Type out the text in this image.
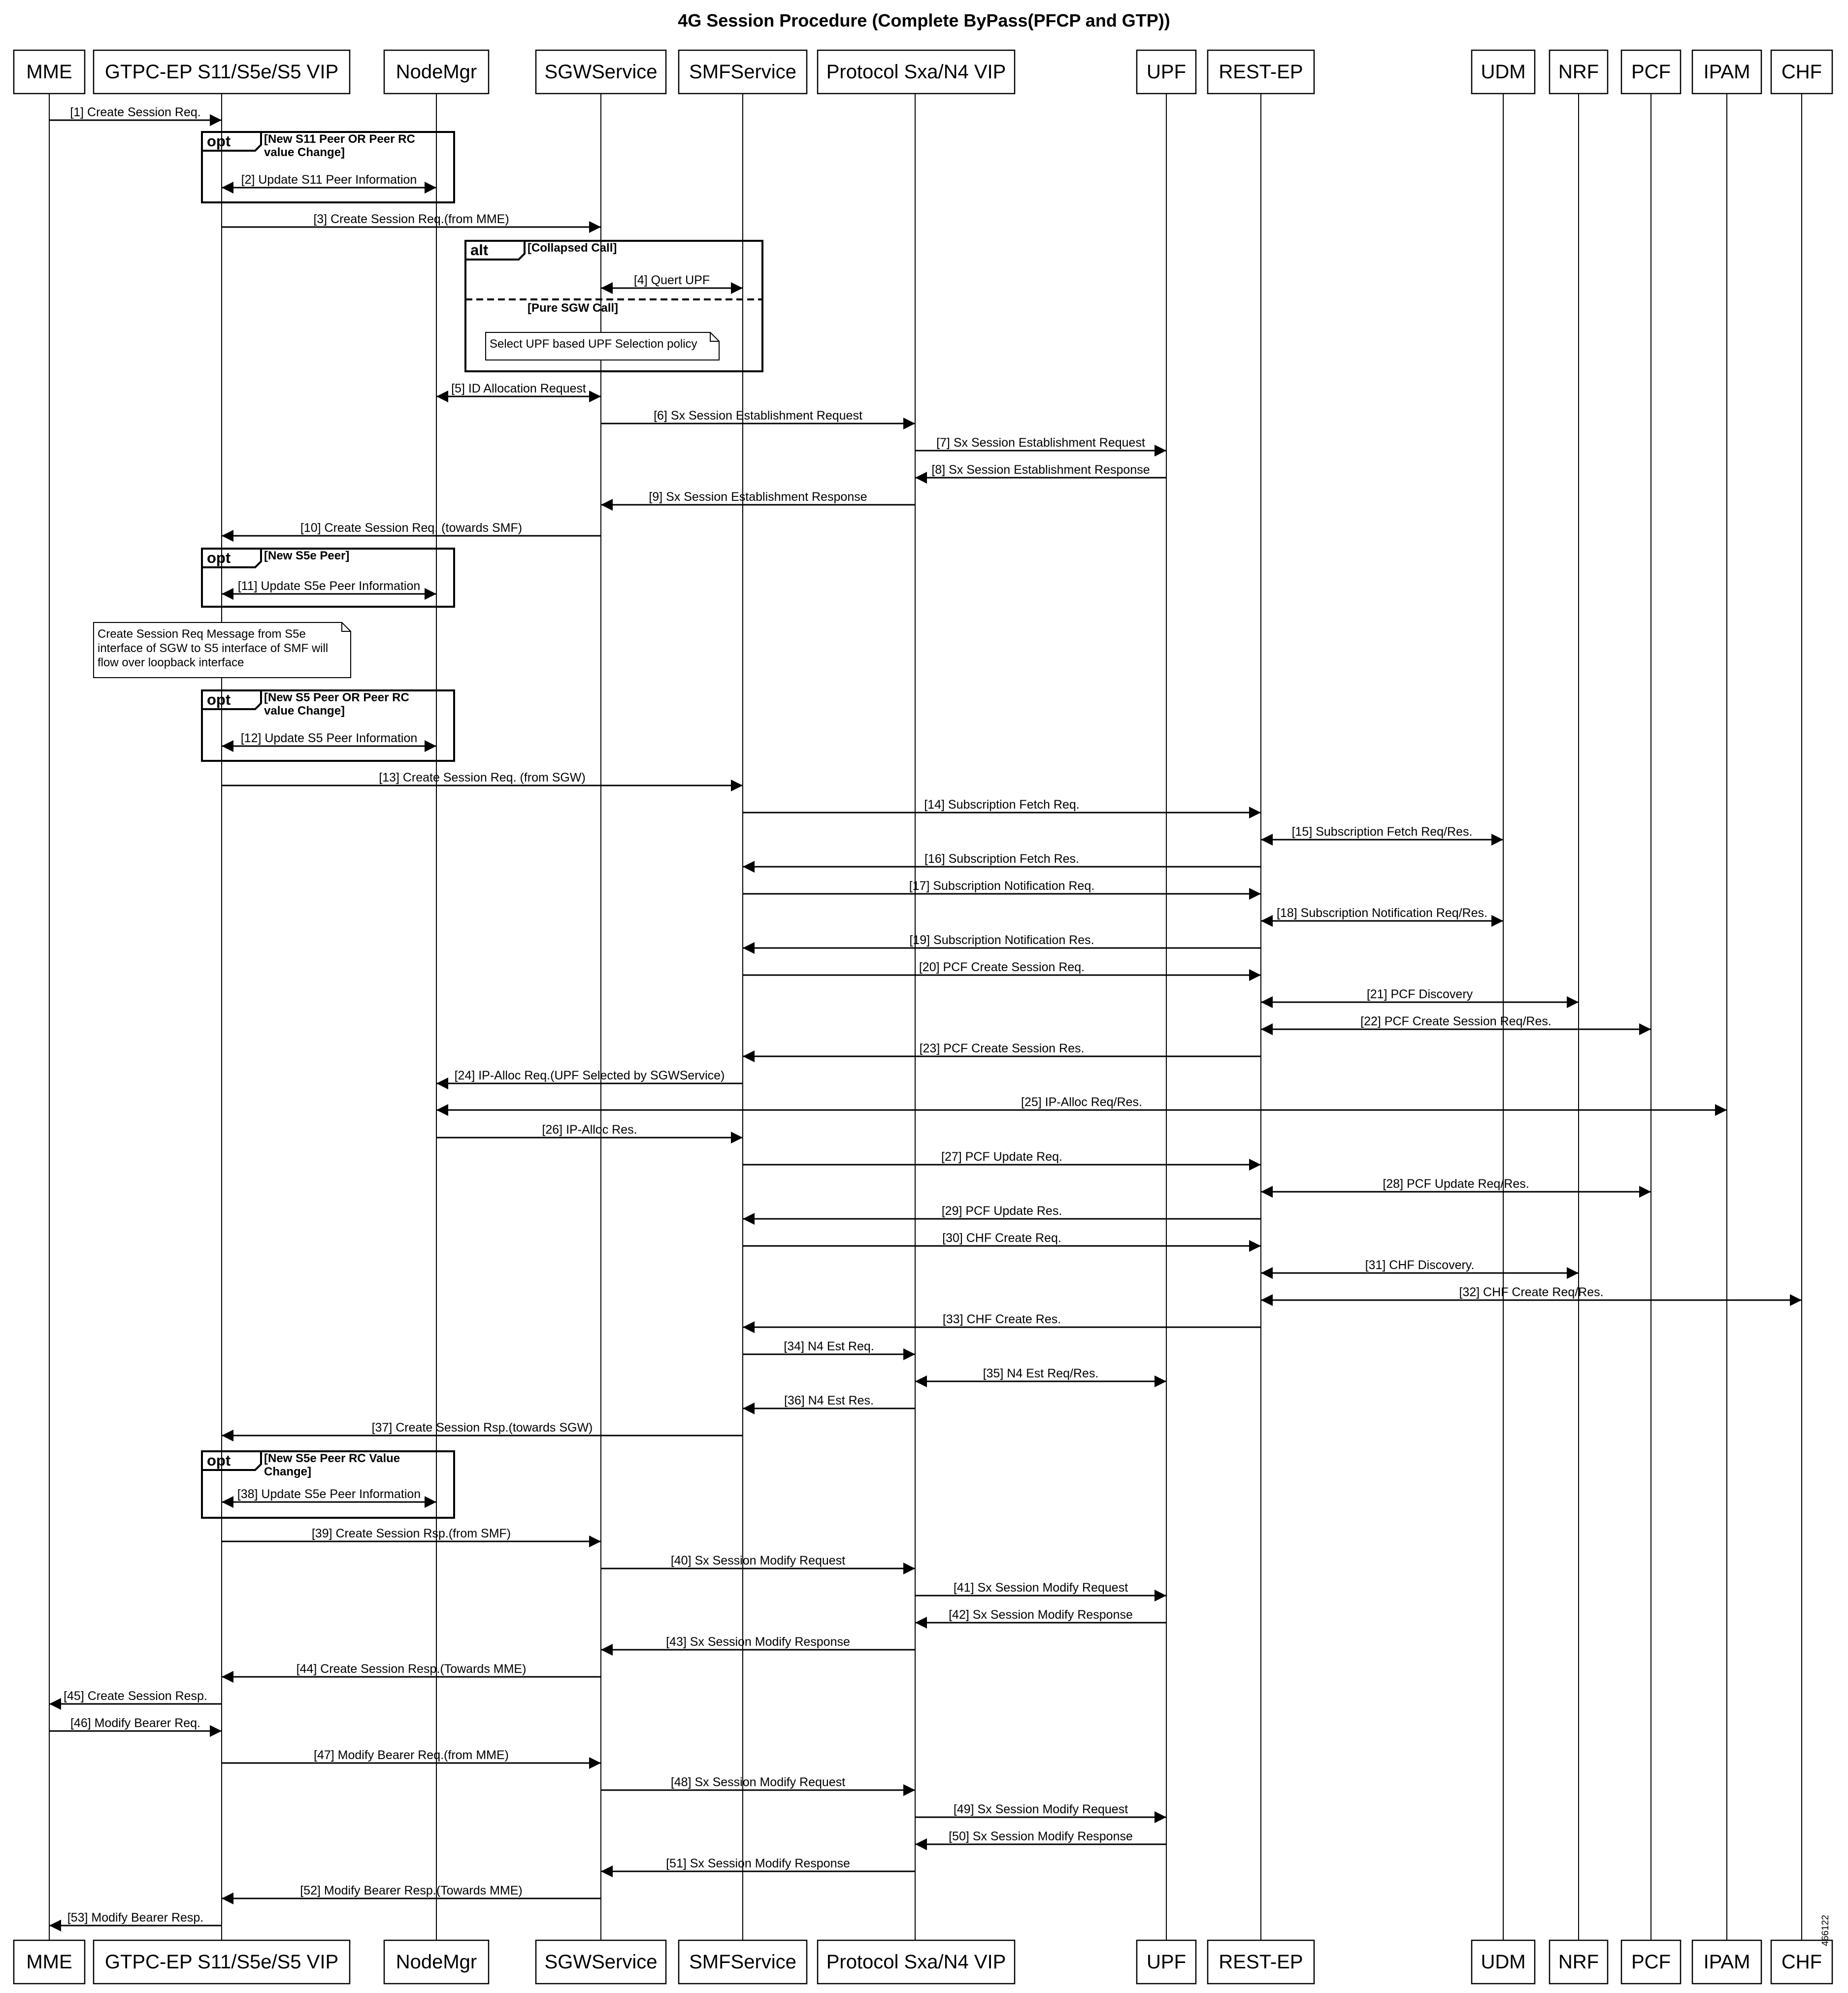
4G Session Procedure (Complete ByPass(PFCP and GTP))
opt	[New S11 Peer OR Peer RC
value Change]
alt	[Collapsed Call]
[Pure SGW Call]
opt	[New S5e Peer]
opt	[New S5 Peer OR Peer RC
value Change]
opt	[New S5e Peer RC Value
Change]
Select UPF based UPF Selection policy
Create Session Req Message from S5e
interface of SGW to S5 interface of SMF will
flow over loopback interface
[1] Create Session Req.
[2] Update S11 Peer Information
[3] Create Session Req.(from MME)
[4] Quert UPF
[5] ID Allocation Request
[6] Sx Session Establishment Request
[7] Sx Session Establishment Request
[8] Sx Session Establishment Response
[9] Sx Session Establishment Response
[10] Create Session Req. (towards SMF)
[11] Update S5e Peer Information
[12] Update S5 Peer Information
[13] Create Session Req. (from SGW)
[14] Subscription Fetch Req.
[15] Subscription Fetch Req/Res.
[16] Subscription Fetch Res.
[17] Subscription Notification Req.
[18] Subscription Notification Req/Res.
[19] Subscription Notification Res.
[20] PCF Create Session Req.
[21] PCF Discovery
[22] PCF Create Session Req/Res.
[23] PCF Create Session Res.
[24] IP-Alloc Req.(UPF Selected by SGWService)
[25] IP-Alloc Req/Res.
[26] IP-Alloc Res.
[27] PCF Update Req.
[28] PCF Update Req/Res.
[29] PCF Update Res.
[30] CHF Create Req.
[31] CHF Discovery.
[32] CHF Create Req/Res.
[33] CHF Create Res.
[34] N4 Est Req.
[35] N4 Est Req/Res.
[36] N4 Est Res.
[37] Create Session Rsp.(towards SGW)
[38] Update S5e Peer Information
[39] Create Session Rsp.(from SMF)
[40] Sx Session Modify Request
[41] Sx Session Modify Request
[42] Sx Session Modify Response
[43] Sx Session Modify Response
[44] Create Session Resp.(Towards MME)
[45] Create Session Resp.
[46] Modify Bearer Req.
[47] Modify Bearer Req.(from MME)
[48] Sx Session Modify Request
[49] Sx Session Modify Request
[50] Sx Session Modify Response
[51] Sx Session Modify Response
[52] Modify Bearer Resp.(Towards MME)
[53] Modify Bearer Resp.
MME
MME
GTPC-EP S11/S5e/S5 VIP
GTPC-EP S11/S5e/S5 VIP
NodeMgr
NodeMgr
SGWService
SGWService
SMFService
SMFService
Protocol Sxa/N4 VIP
Protocol Sxa/N4 VIP
UPF
UPF
REST-EP
REST-EP
UDM
UDM
NRF
NRF
PCF
PCF
IPAM
IPAM
CHF
CHF
466122
